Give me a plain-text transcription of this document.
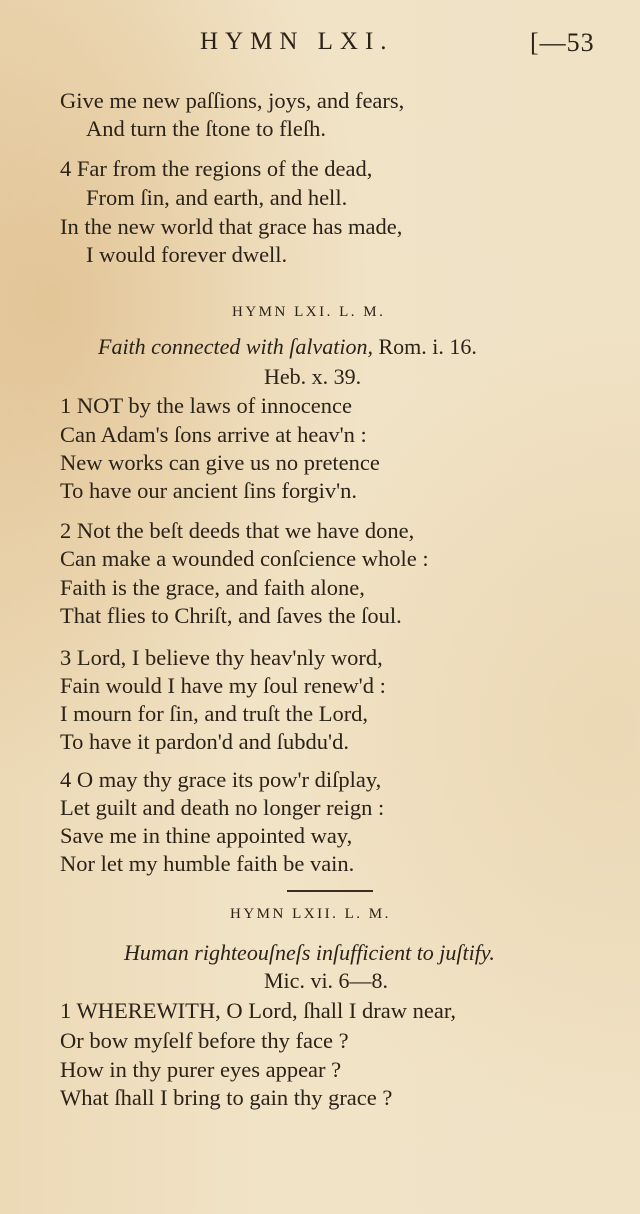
HYMN LXI.	[—53
Give me new paſſions, joys, and fears,
And turn the ſtone to fleſh.
4 Far from the regions of the dead,
From ſin, and earth, and hell.
In the new world that grace has made,
I would forever dwell.
HYMN LXI. L. M.
Faith connected with ſalvation, Rom. i. 16.
Heb. x. 39.
1 NOT by the laws of innocence
Can Adam's ſons arrive at heav'n :
New works can give us no pretence
To have our ancient ſins forgiv'n.
2 Not the beſt deeds that we have done,
Can make a wounded conſcience whole :
Faith is the grace, and faith alone,
That flies to Chriſt, and ſaves the ſoul.
3 Lord, I believe thy heav'nly word,
Fain would I have my ſoul renew'd :
I mourn for ſin, and truſt the Lord,
To have it pardon'd and ſubdu'd.
4 O may thy grace its pow'r diſplay,
Let guilt and death no longer reign :
Save me in thine appointed way,
Nor let my humble faith be vain.
HYMN LXII. L. M.
Human righteouſneſs inſufficient to juſtify.
Mic. vi. 6—8.
1 WHEREWITH, O Lord, ſhall I draw near,
Or bow myſelf before thy face ?
How in thy purer eyes appear ?
What ſhall I bring to gain thy grace ?
